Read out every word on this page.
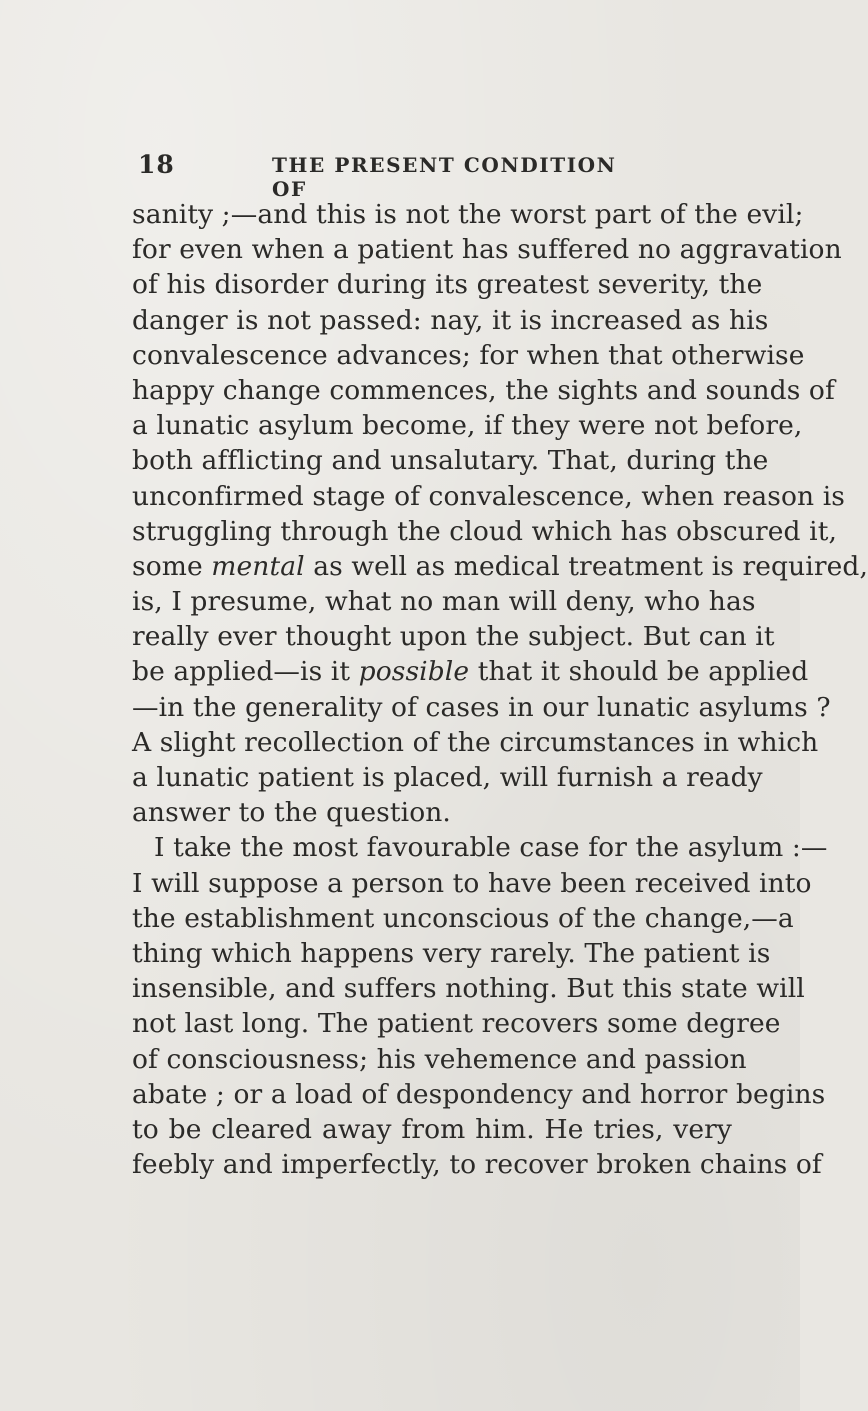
18	THE PRESENT CONDITION OF
sanity ;—and this is not the worst part of the evil;
for even when a patient has suffered no aggravation
of his disorder during its greatest severity, the
danger is not passed: nay, it is increased as his
convalescence advances; for when that otherwise
happy change commences, the sights and sounds of
a lunatic asylum become, if they were not before,
both afflicting and unsalutary. That, during the
unconfirmed stage of convalescence, when reason is
struggling through the cloud which has obscured it,
some mental as well as medical treatment is required,
is, I presume, what no man will deny, who has
really ever thought upon the subject. But can it
be applied—is it possible that it should be applied
—in the generality of cases in our lunatic asylums ?
A slight recollection of the circumstances in which
a lunatic patient is placed, will furnish a ready
answer to the question.
I take the most favourable case for the asylum :—
I will suppose a person to have been received into
the establishment unconscious of the change,—a
thing which happens very rarely. The patient is
insensible, and suffers nothing. But this state will
not last long. The patient recovers some degree
of consciousness; his vehemence and passion
abate ; or a load of despondency and horror begins
to be cleared away from him. He tries, very
feebly and imperfectly, to recover broken chains of
